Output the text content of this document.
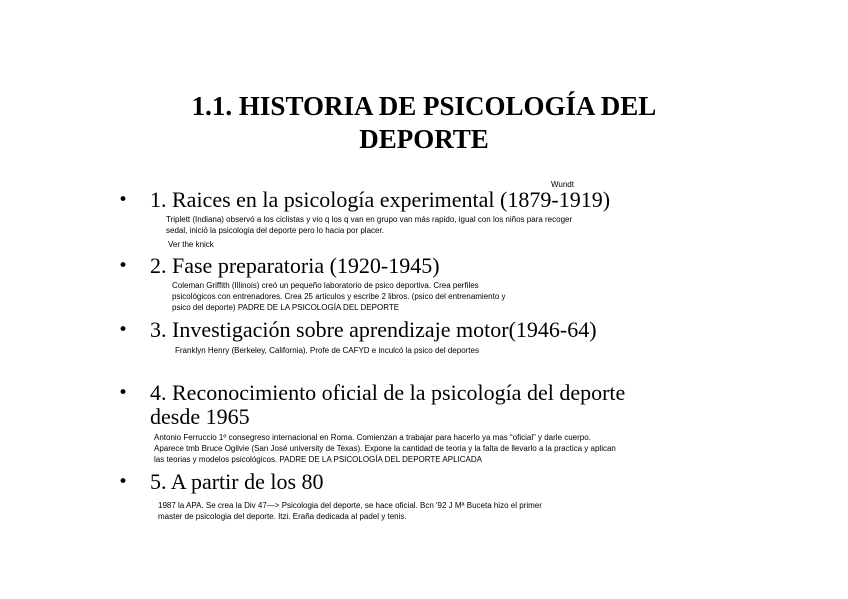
1.1. HISTORIA DE PSICOLOGÍA DEL
DEPORTE
Wundt
• 1. Raices en la psicología experimental (1879-1919)
Triplett (Indiana) observó a los ciclistas y vio q los q van en grupo van más rapido, igual con los niños para recoger
sedal, inició la psicologia del deporte pero lo hacia por placer.
Ver the knick
• 2. Fase preparatoria (1920-1945)
Coleman Griffith (Illinois) creó un pequeño laboratorio de psico deportiva. Crea perfiles
psicológicos con entrenadores. Crea 25 articulos y escribe 2 libros. (psico del entrenamiento y
psico del deporte) PADRE DE LA PSICOLOGÍA DEL DEPORTE
• 3. Investigación sobre aprendizaje motor(1946-64)
Franklyn Henry (Berkeley, California). Profe de CAFYD e inculcó la psico del deportes
• 4. Reconocimiento oficial de la psicología del deporte
desde 1965
Antonio Ferruccio 1º consegreso internacional en Roma. Comienzan a trabajar para hacerlo ya mas “oficial” y darle cuerpo.
Aparece tmb Bruce Ogilvie (San José university de Texas). Expone la cantidad de teoria y la falta de llevarlo a la practica y aplican
las teorias y modelos psicológicos. PADRE DE LA PSICOLOGÍA DEL DEPORTE APLICADA
• 5. A partir de los 80
1987 la APA. Se crea la Div 47—> Psicologia del deporte, se hace oficial. Bcn '92 J Mª Buceta hizo el primer
master de psicologia del deporte. Itzi. Eraña dedicada al padel y tenis.
